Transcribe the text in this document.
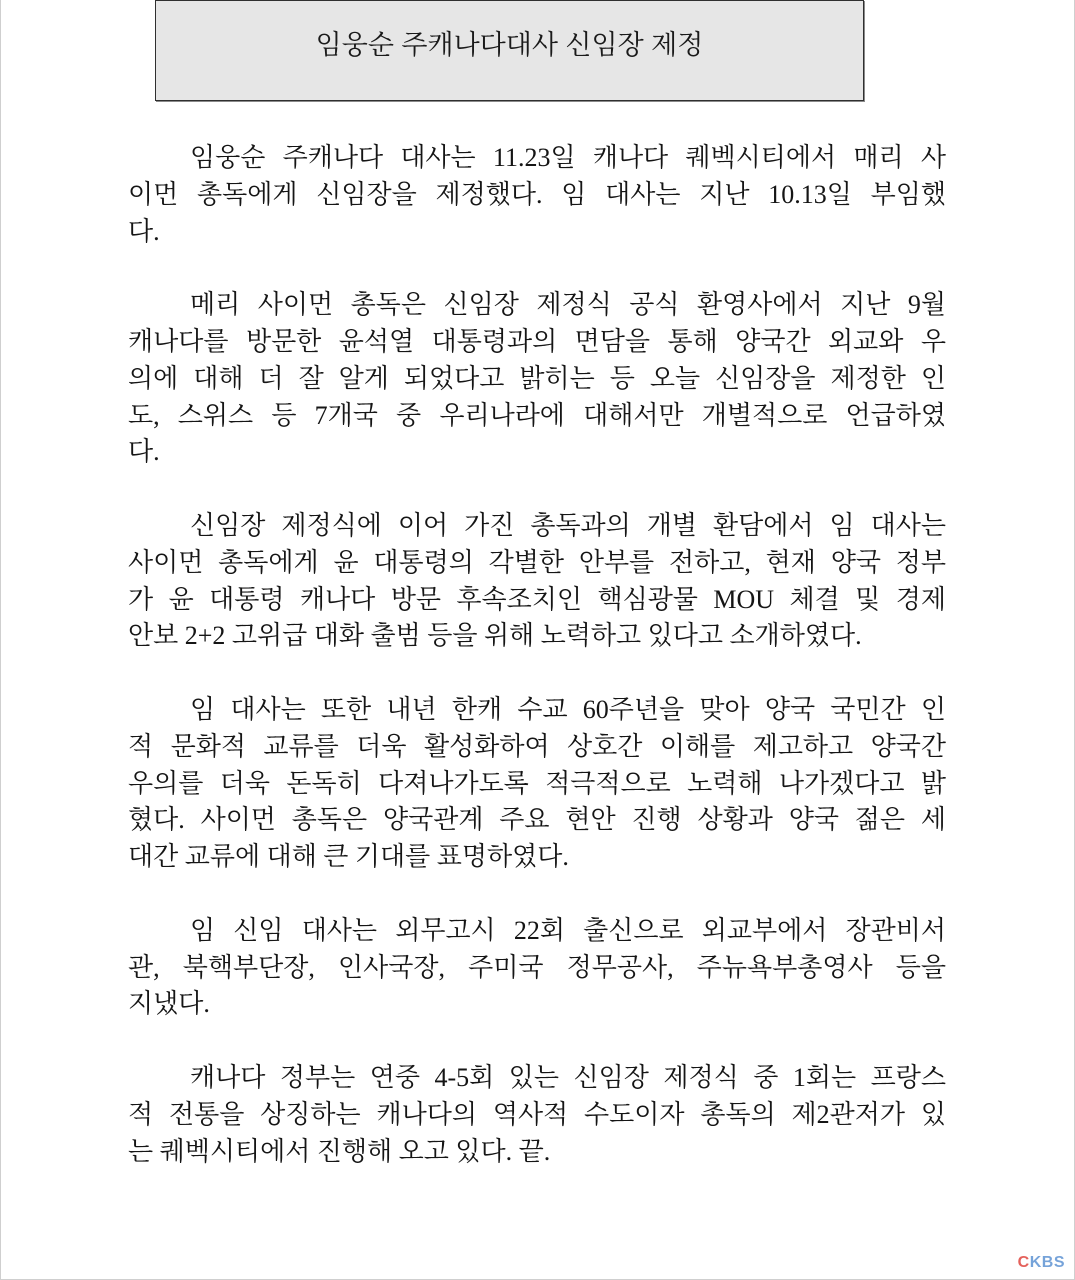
임웅순 주캐나다대사 신임장 제정
임웅순 주캐나다 대사는 11.23일 캐나다 퀘벡시티에서 매리 사
이먼 총독에게 신임장을 제정했다. 임 대사는 지난 10.13일 부임했
다.
메리 사이먼 총독은 신임장 제정식 공식 환영사에서 지난 9월
캐나다를 방문한 윤석열 대통령과의 면담을 통해 양국간 외교와 우
의에 대해 더 잘 알게 되었다고 밝히는 등 오늘 신임장을 제정한 인
도, 스위스 등 7개국 중 우리나라에 대해서만 개별적으로 언급하였
다.
신임장 제정식에 이어 가진 총독과의 개별 환담에서 임 대사는
사이먼 총독에게 윤 대통령의 각별한 안부를 전하고, 현재 양국 정부
가 윤 대통령 캐나다 방문 후속조치인 핵심광물 MOU 체결 및 경제
안보 2+2 고위급 대화 출범 등을 위해 노력하고 있다고 소개하였다.
임 대사는 또한 내년 한캐 수교 60주년을 맞아 양국 국민간 인
적 문화적 교류를 더욱 활성화하여 상호간 이해를 제고하고 양국간
우의를 더욱 돈독히 다져나가도록 적극적으로 노력해 나가겠다고 밝
혔다. 사이먼 총독은 양국관계 주요 현안 진행 상황과 양국 젊은 세
대간 교류에 대해 큰 기대를 표명하였다.
임 신임 대사는 외무고시 22회 출신으로 외교부에서 장관비서
관, 북핵부단장, 인사국장, 주미국 정무공사, 주뉴욕부총영사 등을
지냈다.
캐나다 정부는 연중 4-5회 있는 신임장 제정식 중 1회는 프랑스
적 전통을 상징하는 캐나다의 역사적 수도이자 총독의 제2관저가 있
는 퀘벡시티에서 진행해 오고 있다. 끝.
CKBS
